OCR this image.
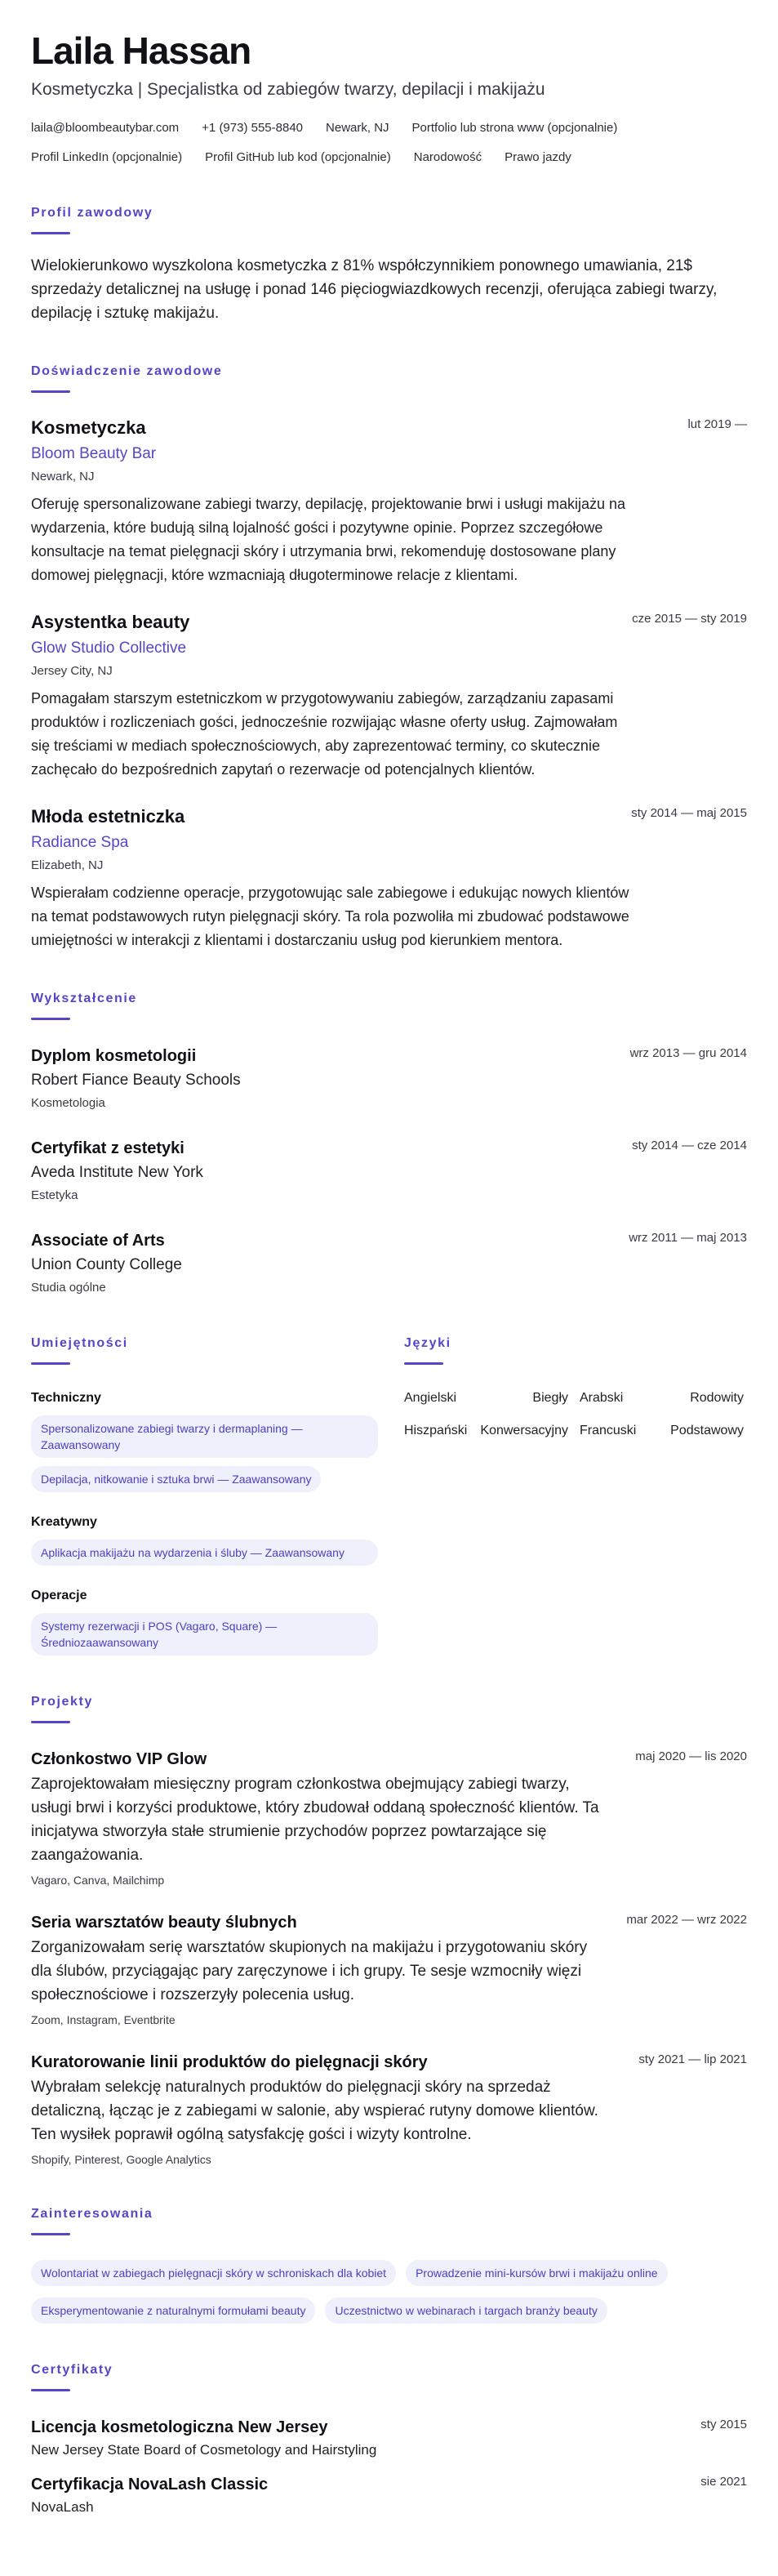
Laila Hassan
Kosmetyczka | Specjalistka od zabiegów twarzy, depilacji i makijażu
laila@bloombeautybar.com +1 (973) 555-8840 Newark, NJ Portfolio lub strona www (opcjonalnie)
Profil LinkedIn (opcjonalnie) Profil GitHub lub kod (opcjonalnie) Narodowość Prawo jazdy
Profil zawodowy

Wielokierunkowo wyszkolona kosmetyczka z 81% współczynnikiem ponownego umawiania, 21$ sprzedaży detalicznej na usługę i ponad 146 pięciogwiazdkowych recenzji, oferująca zabiegi twarzy, depilację i sztukę makijażu.

Doświadczenie zawodowe
lut 2019 —
Kosmetyczka
Bloom Beauty Bar
Newark, NJ

Oferuję spersonalizowane zabiegi twarzy, depilację, projektowanie brwi i usługi makijażu na wydarzenia, które budują silną lojalność gości i pozytywne opinie. Poprzez szczegółowe konsultacje na temat pielęgnacji skóry i utrzymania brwi, rekomenduję dostosowane plany domowej pielęgnacji, które wzmacniają długoterminowe relacje z klientami.

cze 2015 — sty 2019
Asystentka beauty
Glow Studio Collective
Jersey City, NJ

Pomagałam starszym estetniczkom w przygotowywaniu zabiegów, zarządzaniu zapasami produktów i rozliczeniach gości, jednocześnie rozwijając własne oferty usług. Zajmowałam się treściami w mediach społecznościowych, aby zaprezentować terminy, co skutecznie zachęcało do bezpośrednich zapytań o rezerwacje od potencjalnych klientów.

sty 2014 — maj 2015
Młoda estetniczka
Radiance Spa
Elizabeth, NJ

Wspierałam codzienne operacje, przygotowując sale zabiegowe i edukując nowych klientów na temat podstawowych rutyn pielęgnacji skóry. Ta rola pozwoliła mi zbudować podstawowe umiejętności w interakcji z klientami i dostarczaniu usług pod kierunkiem mentora.

Wykształcenie
wrz 2013 — gru 2014
Dyplom kosmetologii
Robert Fiance Beauty Schools
Kosmetologia
sty 2014 — cze 2014
Certyfikat z estetyki
Aveda Institute New York
Estetyka
wrz 2011 — maj 2013
Associate of Arts
Union County College
Studia ogólne
Umiejętności
Techniczny
Spersonalizowane zabiegi twarzy i dermaplaning — Zaawansowany
Depilacja, nitkowanie i sztuka brwi — Zaawansowany
Kreatywny
Aplikacja makijażu na wydarzenia i śluby — Zaawansowany
Operacje
Systemy rezerwacji i POS (Vagaro, Square) — Średniozaawansowany
Języki
Angielski	Biegły Arabski	Rodowity
Hiszpański	Konwersacyjny Francuski	Podstawowy
Projekty
maj 2020 — lis 2020
Członkostwo VIP Glow

Zaprojektowałam miesięczny program członkostwa obejmujący zabiegi twarzy, usługi brwi i korzyści produktowe, który zbudował oddaną społeczność klientów. Ta inicjatywa stworzyła stałe strumienie przychodów poprzez powtarzające się zaangażowania.

Vagaro, Canva, Mailchimp
mar 2022 — wrz 2022
Seria warsztatów beauty ślubnych

Zorganizowałam serię warsztatów skupionych na makijażu i przygotowaniu skóry dla ślubów, przyciągając pary zaręczynowe i ich grupy. Te sesje wzmocniły więzi społecznościowe i rozszerzyły polecenia usług.

Zoom, Instagram, Eventbrite
sty 2021 — lip 2021
Kuratorowanie linii produktów do pielęgnacji skóry

Wybrałam selekcję naturalnych produktów do pielęgnacji skóry na sprzedaż detaliczną, łącząc je z zabiegami w salonie, aby wspierać rutyny domowe klientów. Ten wysiłek poprawił ogólną satysfakcję gości i wizyty kontrolne.

Shopify, Pinterest, Google Analytics
Zainteresowania
Wolontariat w zabiegach pielęgnacji skóry w schroniskach dla kobiet	Prowadzenie mini-kursów brwi i makijażu online
Eksperymentowanie z naturalnymi formułami beauty	Uczestnictwo w webinarach i targach branży beauty
Certyfikaty
sty 2015
Licencja kosmetologiczna New Jersey
New Jersey State Board of Cosmetology and Hairstyling
sie 2021
Certyfikacja NovaLash Classic
NovaLash
